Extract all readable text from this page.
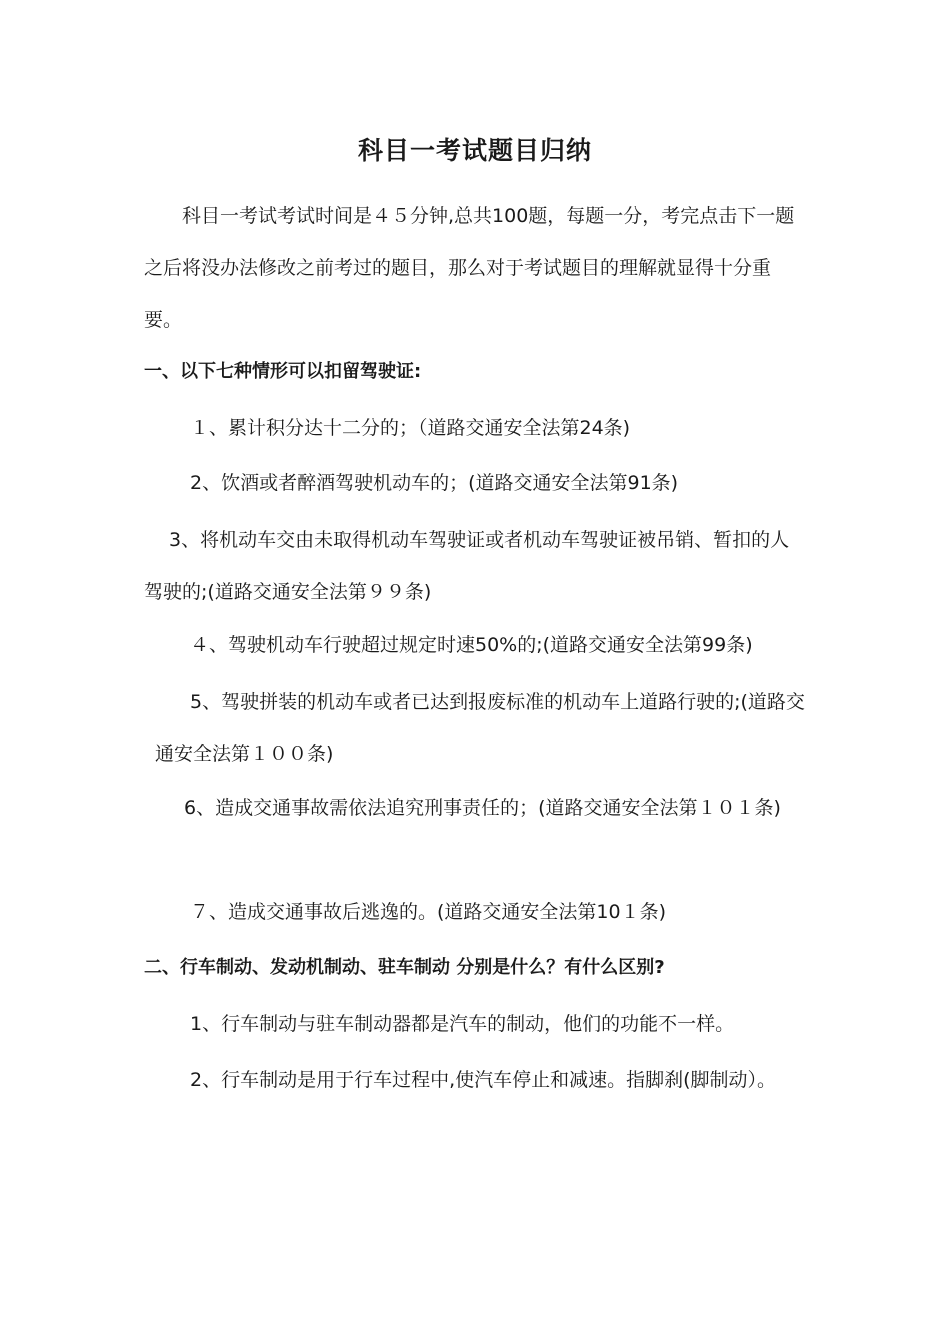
科目一考试题目归纳

科目一考试考试时间是４５分钟,总共100题，每题一分，考完点击下一题之后将没办法修改之前考过的题目，那么对于考试题目的理解就显得十分重要。

一、以下七种情形可以扣留驾驶证:

１、累计积分达十二分的；（道路交通安全法第24条)

2、饮酒或者醉酒驾驶机动车的；(道路交通安全法第91条)

3、将机动车交由未取得机动车驾驶证或者机动车驾驶证被吊销、暂扣的人驾驶的;(道路交通安全法第９９条)

４、驾驶机动车行驶超过规定时速50%的;(道路交通安全法第99条)

5、驾驶拼装的机动车或者已达到报废标准的机动车上道路行驶的;(道路交通安全法第１００条)

6、造成交通事故需依法追究刑事责任的；(道路交通安全法第１０１条)

７、造成交通事故后逃逸的。(道路交通安全法第10１条)

二、行车制动、发动机制动、驻车制动 分别是什么？有什么区别?

1、行车制动与驻车制动器都是汽车的制动，他们的功能不一样。

2、行车制动是用于行车过程中,使汽车停止和减速。指脚刹(脚制动）。
